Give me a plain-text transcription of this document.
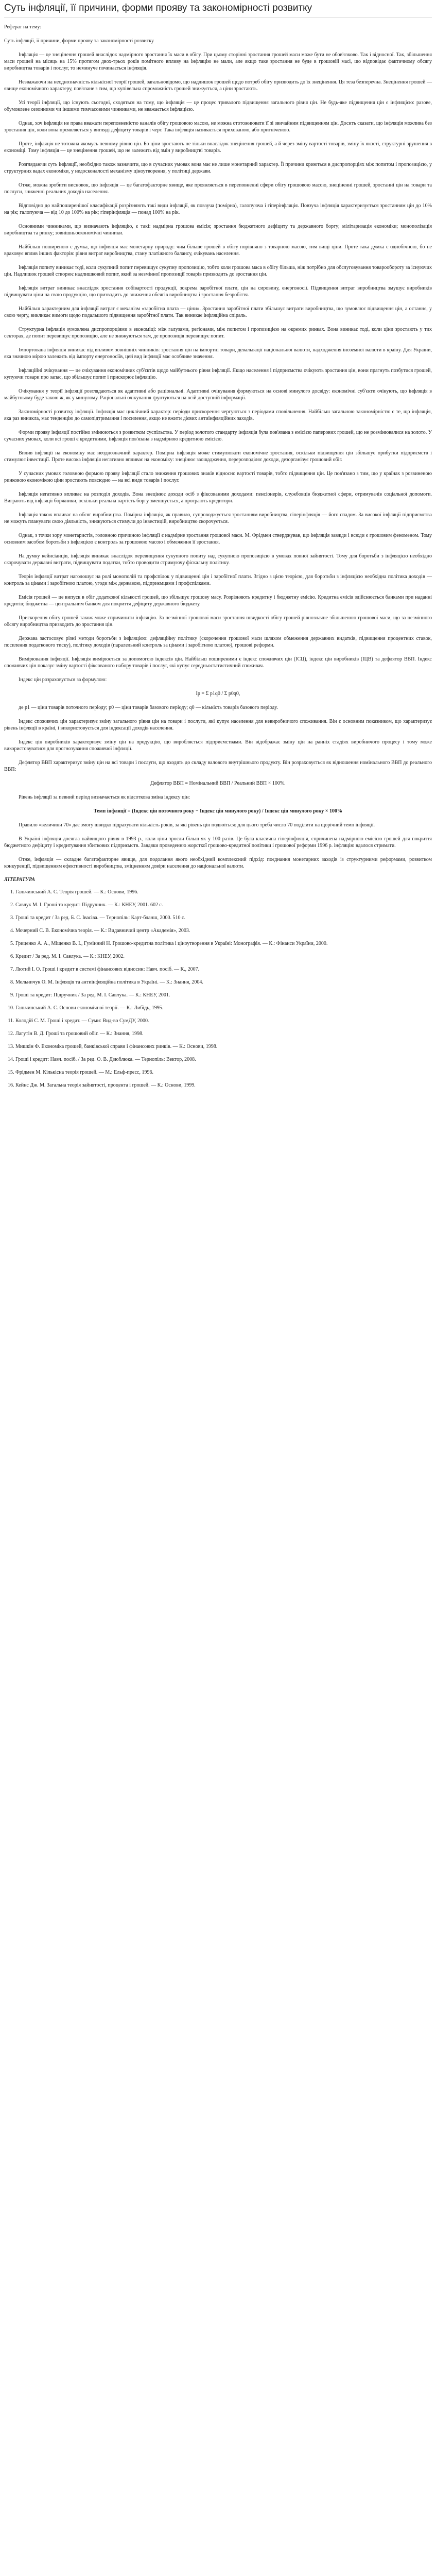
Суть інфляції, її причини, форми прояву та закономірності розвитку

Реферат на тему:

Суть інфляції, її причини, форми прояву та закономірності розвитку

Інфляція — це знецінення грошей внаслідок надмірного зростання їх маси в обігу. При цьому сторінні зростання грошей маси може бути не обов'язково. Так і відносної. Так, збільшення маси грошей на місяць на 15% протягом двох-трьох років помітного впливу на інфляцію не мали, але якщо таке зростання не буде в грошовій масі, що відповідає фактичному обсягу виробництва товарів і послуг, то неминуче починається інфляція.

Незважаючи на неоднозначність кількісної теорії грошей, загальновідомо, що надлишок грошей щодо потреб обігу призводить до їх знецінення. Ця теза безперечна. Знецінення грошей — явище економічного характеру, пов'язане з тим, що купівельна спроможність грошей знижується, а ціни зростають.

Усі теорії інфляції, що існують сьогодні, сходяться на тому, що інфляція — це процес тривалого підвищення загального рівня цін. Не будь-яке підвищення цін є інфляцією: разове, обумовлене сезонними чи іншими тимчасовими чинниками, не вважається інфляцією.

Однак, хоч інфляція не права вважати переповненістю каналів обігу грошовою масою, не можна ототожнювати її зі звичайним підвищенням цін. Досить сказати, що інфляція можлива без зростання цін, коли вона проявляється у вигляді дефіциту товарів і черг. Така інфляція називається прихованою, або пригніченою.

Проте, інфляція не тотожна якомусь певному рівню цін. Бо ціни зростають не тільки внаслідок знецінення грошей, а й через зміну вартості товарів, зміну їх якості, структурні зрушення в економіці. Тому інфляція — це знецінення грошей, що не залежить від змін у виробництві товарів.

Розглядаючи суть інфляції, необхідно також зазначити, що в сучасних умовах вона має не лише монетарний характер. Її причини криються в диспропорціях між попитом і пропозицією, у структурних вадах економіки, у недосконалості механізму ціноутворення, у політиці держави.

Отже, можна зробити висновок, що інфляція — це багатофакторне явище, яке проявляється в переповненні сфери обігу грошовою масою, знеціненні грошей, зростанні цін на товари та послуги, зниженні реальних доходів населення.

Відповідно до найпоширенішої класифікації розрізняють такі види інфляції, як повзуча (помірна), галопуюча і гіперінфляція. Повзуча інфляція характеризується зростанням цін до 10% на рік; галопуюча — від 10 до 100% на рік; гіперінфляція — понад 100% на рік.

Основними чинниками, що визначають інфляцію, є такі: надмірна грошова емісія; зростання бюджетного дефіциту та державного боргу; мілітаризація економіки; монополізація виробництва та ринку; зовнішньоекономічні чинники.

Найбільш поширеною є думка, що інфляція має монетарну природу: чим більше грошей в обігу порівняно з товарною масою, тим вищі ціни. Проте така думка є однобічною, бо не враховує вплив інших факторів: рівня витрат виробництва, стану платіжного балансу, очікувань населення.

Інфляція попиту виникає тоді, коли сукупний попит перевищує сукупну пропозицію, тобто коли грошова маса в обігу більша, ніж потрібно для обслуговування товарообороту за існуючих цін. Надлишок грошей створює надлишковий попит, який за незмінної пропозиції товарів призводить до зростання цін.

Інфляція витрат виникає внаслідок зростання собівартості продукції, зокрема заробітної плати, цін на сировину, енергоносії. Підвищення витрат виробництва змушує виробників підвищувати ціни на свою продукцію, що призводить до зниження обсягів виробництва і зростання безробіття.

Найбільш характерним для інфляції витрат є механізм «заробітна плата — ціни». Зростання заробітної плати збільшує витрати виробництва, що зумовлює підвищення цін, а останнє, у свою чергу, викликає вимоги щодо подальшого підвищення заробітної плати. Так виникає інфляційна спіраль.

Структурна інфляція зумовлена диспропорціями в економіці: між галузями, регіонами, між попитом і пропозицією на окремих ринках. Вона виникає тоді, коли ціни зростають у тих секторах, де попит перевищує пропозицію, але не знижуються там, де пропозиція перевищує попит.

Імпортована інфляція виникає під впливом зовнішніх чинників: зростання цін на імпортні товари, девальвації національної валюти, надходження іноземної валюти в країну. Для України, яка значною мірою залежить від імпорту енергоносіїв, цей вид інфляції має особливе значення.

Інфляційні очікування — це очікування економічних суб'єктів щодо майбутнього рівня інфляції. Якщо населення і підприємства очікують зростання цін, вони прагнуть позбутися грошей, купуючи товари про запас, що збільшує попит і прискорює інфляцію.

Очікування у теорії інфляції розглядаються як адаптивні або раціональні. Адаптивні очікування формуються на основі минулого досвіду: економічні суб'єкти очікують, що інфляція в майбутньому буде такою ж, як у минулому. Раціональні очікування ґрунтуються на всій доступній інформації.

Закономірності розвитку інфляції. Інфляція має циклічний характер: періоди прискорення чергуються з періодами сповільнення. Найбільш загальною закономірністю є те, що інфляція, яка раз виникла, має тенденцію до самопідтримання і посилення, якщо не вжити дієвих антиінфляційних заходів.

Форми прояву інфляції постійно змінюються з розвитком суспільства. У період золотого стандарту інфляція була пов'язана з емісією паперових грошей, що не розмінювалися на золото. У сучасних умовах, коли всі гроші є кредитними, інфляція пов'язана з надмірною кредитною емісією.

Вплив інфляції на економіку має неоднозначний характер. Помірна інфляція може стимулювати економічне зростання, оскільки підвищення цін збільшує прибутки підприємств і стимулює інвестиції. Проте висока інфляція негативно впливає на економіку: знецінює заощадження, перерозподіляє доходи, дезорганізує грошовий обіг.

У сучасних умовах головною формою прояву інфляції стало зниження грошових знаків відносно вартості товарів, тобто підвищення цін. Це пов'язано з тим, що у країнах з розвиненою ринковою економікою ціни зростають повсюдно — на всі види товарів і послуг.

Інфляція негативно впливає на розподіл доходів. Вона знецінює доходи осіб з фіксованими доходами: пенсіонерів, службовців бюджетної сфери, отримувачів соціальної допомоги. Виграють від інфляції боржники, оскільки реальна вартість боргу зменшується, а програють кредитори.

Інфляція також впливає на обсяг виробництва. Помірна інфляція, як правило, супроводжується зростанням виробництва, гіперінфляція — його спадом. За високої інфляції підприємства не можуть планувати свою діяльність, знижуються стимули до інвестицій, виробництво скорочується.

Однак, з точки зору монетаристів, головною причиною інфляції є надмірне зростання грошової маси. М. Фрідмен стверджував, що інфляція завжди і всюди є грошовим феноменом. Тому основним засобом боротьби з інфляцією є контроль за грошовою масою і обмеження її зростання.

На думку кейнсіанців, інфляція виникає внаслідок перевищення сукупного попиту над сукупною пропозицією в умовах повної зайнятості. Тому для боротьби з інфляцією необхідно скорочувати державні витрати, підвищувати податки, тобто проводити стримуючу фіскальну політику.

Теорія інфляції витрат наголошує на ролі монополій та профспілок у підвищенні цін і заробітної плати. Згідно з цією теорією, для боротьби з інфляцією необхідна політика доходів — контроль за цінами і заробітною платою, угоди між державою, підприємцями і профспілками.

Емісія грошей — це випуск в обіг додаткової кількості грошей, що збільшує грошову масу. Розрізняють кредитну і бюджетну емісію. Кредитна емісія здійснюється банками при наданні кредитів; бюджетна — центральним банком для покриття дефіциту державного бюджету.

Прискорення обігу грошей також може спричинити інфляцію. За незмінної грошової маси зростання швидкості обігу грошей рівнозначне збільшенню грошової маси, що за незмінного обсягу виробництва призводить до зростання цін.

Держава застосовує різні методи боротьби з інфляцією: дефляційну політику (скорочення грошової маси шляхом обмеження державних видатків, підвищення процентних ставок, посилення податкового тиску), політику доходів (паралельний контроль за цінами і заробітною платою), грошові реформи.

Вимірювання інфляції. Інфляція вимірюється за допомогою індексів цін. Найбільш поширеними є індекс споживчих цін (ІСЦ), індекс цін виробників (ІЦВ) та дефлятор ВВП. Індекс споживчих цін показує зміну вартості фіксованого набору товарів і послуг, які купує середньостатистичний споживач.

Індекс цін розраховується за формулою:

Ip = Σ p1q0 / Σ p0q0,

де p1 — ціни товарів поточного періоду; p0 — ціни товарів базового періоду; q0 — кількість товарів базового періоду.

Індекс споживчих цін характеризує зміну загального рівня цін на товари і послуги, які купує населення для невиробничого споживання. Він є основним показником, що характеризує рівень інфляції в країні, і використовується для індексації доходів населення.

Індекс цін виробників характеризує зміну цін на продукцію, що виробляється підприємствами. Він відображає зміну цін на ранніх стадіях виробничого процесу і тому може використовуватися для прогнозування споживчої інфляції.

Дефлятор ВВП характеризує зміну цін на всі товари і послуги, що входять до складу валового внутрішнього продукту. Він розраховується як відношення номінального ВВП до реального ВВП:

Дефлятор ВВП = Номінальний ВВП / Реальний ВВП × 100%.

Рівень інфляції за певний період визначається як відсоткова зміна індексу цін:

Темп інфляції = (Індекс цін поточного року − Індекс цін минулого року) / Індекс цін минулого року × 100%

Правило «величини 70» дає змогу швидко підрахувати кількість років, за які рівень цін подвоїться: для цього треба число 70 поділити на щорічний темп інфляції.

В Україні інфляція досягла найвищого рівня в 1993 р., коли ціни зросли більш як у 100 разів. Це була класична гіперінфляція, спричинена надмірною емісією грошей для покриття бюджетного дефіциту і кредитування збиткових підприємств. Завдяки проведенню жорсткої грошово-кредитної політики і грошової реформи 1996 р. інфляцію вдалося стримати.

Отже, інфляція — складне багатофакторне явище, для подолання якого необхідний комплексний підхід: поєднання монетарних заходів із структурними реформами, розвитком конкуренції, підвищенням ефективності виробництва, зміцненням довіри населення до національної валюти.

ЛІТЕРАТУРА

1. Гальчинський А. С. Теорія грошей. — К.: Основи, 1996.
2. Савлук М. І. Гроші та кредит: Підручник. — К.: КНЕУ, 2001. 602 с.
3. Гроші та кредит / За ред. Б. С. Івасіва. — Тернопіль: Карт-бланш, 2000. 510 с.
4. Мочерний С. В. Економічна теорія. — К.: Видавничий центр «Академія», 2003.
5. Гриценко А. А., Міщенко В. І., Гумінний Н. Грошово-кредитна політика і ціноутворення в Україні: Монографія. — К.: Фінанси України, 2000.
6. Кредит / За ред. М. І. Савлука. — К.: КНЕУ, 2002.
7. Лютий І. О. Гроші і кредит в системі фінансових відносин: Навч. посіб. — К., 2007.
8. Мельничук О. М. Інфляція та антиінфляційна політика в Україні. — К.: Знання, 2004.
9. Гроші та кредит: Підручник / За ред. М. І. Савлука. — К.: КНЕУ, 2001.
10. Гальчинський А. С. Основи економічної теорії. — К.: Либідь, 1995.
11. Колодій С. М. Гроші і кредит. — Суми: Вид-во СумДУ, 2000.
12. Лагутін В. Д. Гроші та грошовий обіг. — К.: Знання, 1998.
13. Мишкін Ф. Економіка грошей, банківської справи і фінансових ринків. — К.: Основи, 1998.
14. Гроші і кредит: Навч. посіб. / За ред. О. В. Дзюблюка. — Тернопіль: Вектор, 2008.
15. Фрідмен М. Кількісна теорія грошей. — М.: Ельф-пресс, 1996.
16. Кейнс Дж. М. Загальна теорія зайнятості, процента і грошей. — К.: Основи, 1999.
